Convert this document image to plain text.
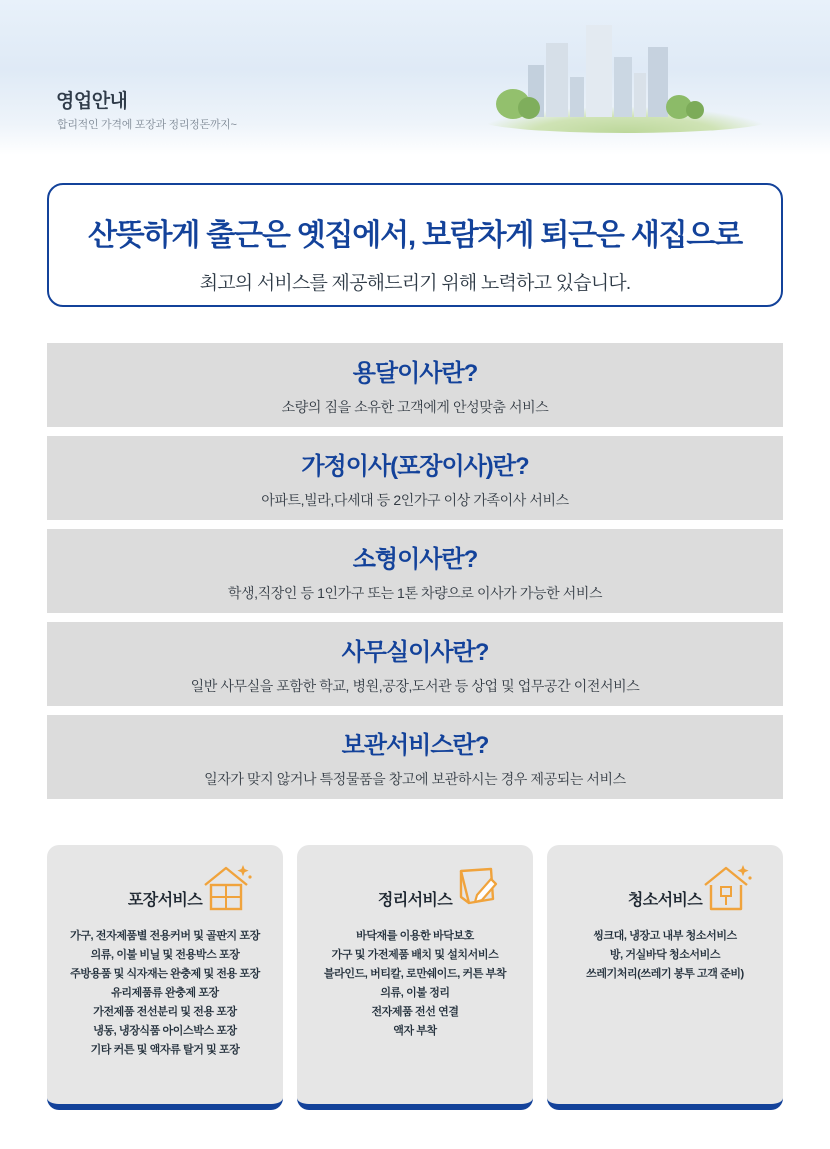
영업안내
합리적인 가격에 포장과 정리정돈까지~
산뜻하게 출근은 옛집에서, 보람차게 퇴근은 새집으로
최고의 서비스를 제공해드리기 위해 노력하고 있습니다.
용달이사란?
소량의 짐을 소유한 고객에게 안성맞춤 서비스
가정이사(포장이사)란?
아파트,빌라,다세대 등 2인가구 이상 가족이사 서비스
소형이사란?
학생,직장인 등 1인가구 또는 1톤 차량으로 이사가 가능한 서비스
사무실이사란?
일반 사무실을 포함한 학교, 병원,공장,도서관 등 상업 및 업무공간 이전서비스
보관서비스란?
일자가 맞지 않거나 특정물품을 창고에 보관하시는 경우 제공되는 서비스
포장서비스
가구, 전자제품별 전용커버 및 골판지 포장
의류, 이불 비닐 및 전용박스 포장
주방용품 및 식자재는 완충제 및 전용 포장
유리제품류 완충제 포장
가전제품 전선분리 및 전용 포장
냉동, 냉장식품 아이스박스 포장
기타 커튼 및 액자류 탈거 및 포장
정리서비스
바닥재를 이용한 바닥보호
가구 및 가전제품 배치 및 설치서비스
블라인드, 버티칼, 로만쉐이드, 커튼 부착
의류, 이불 정리
전자제품 전선 연결
액자 부착
청소서비스
씽크대, 냉장고 내부 청소서비스
방, 거실바닥 청소서비스
쓰레기처리(쓰레기 봉투 고객 준비)
